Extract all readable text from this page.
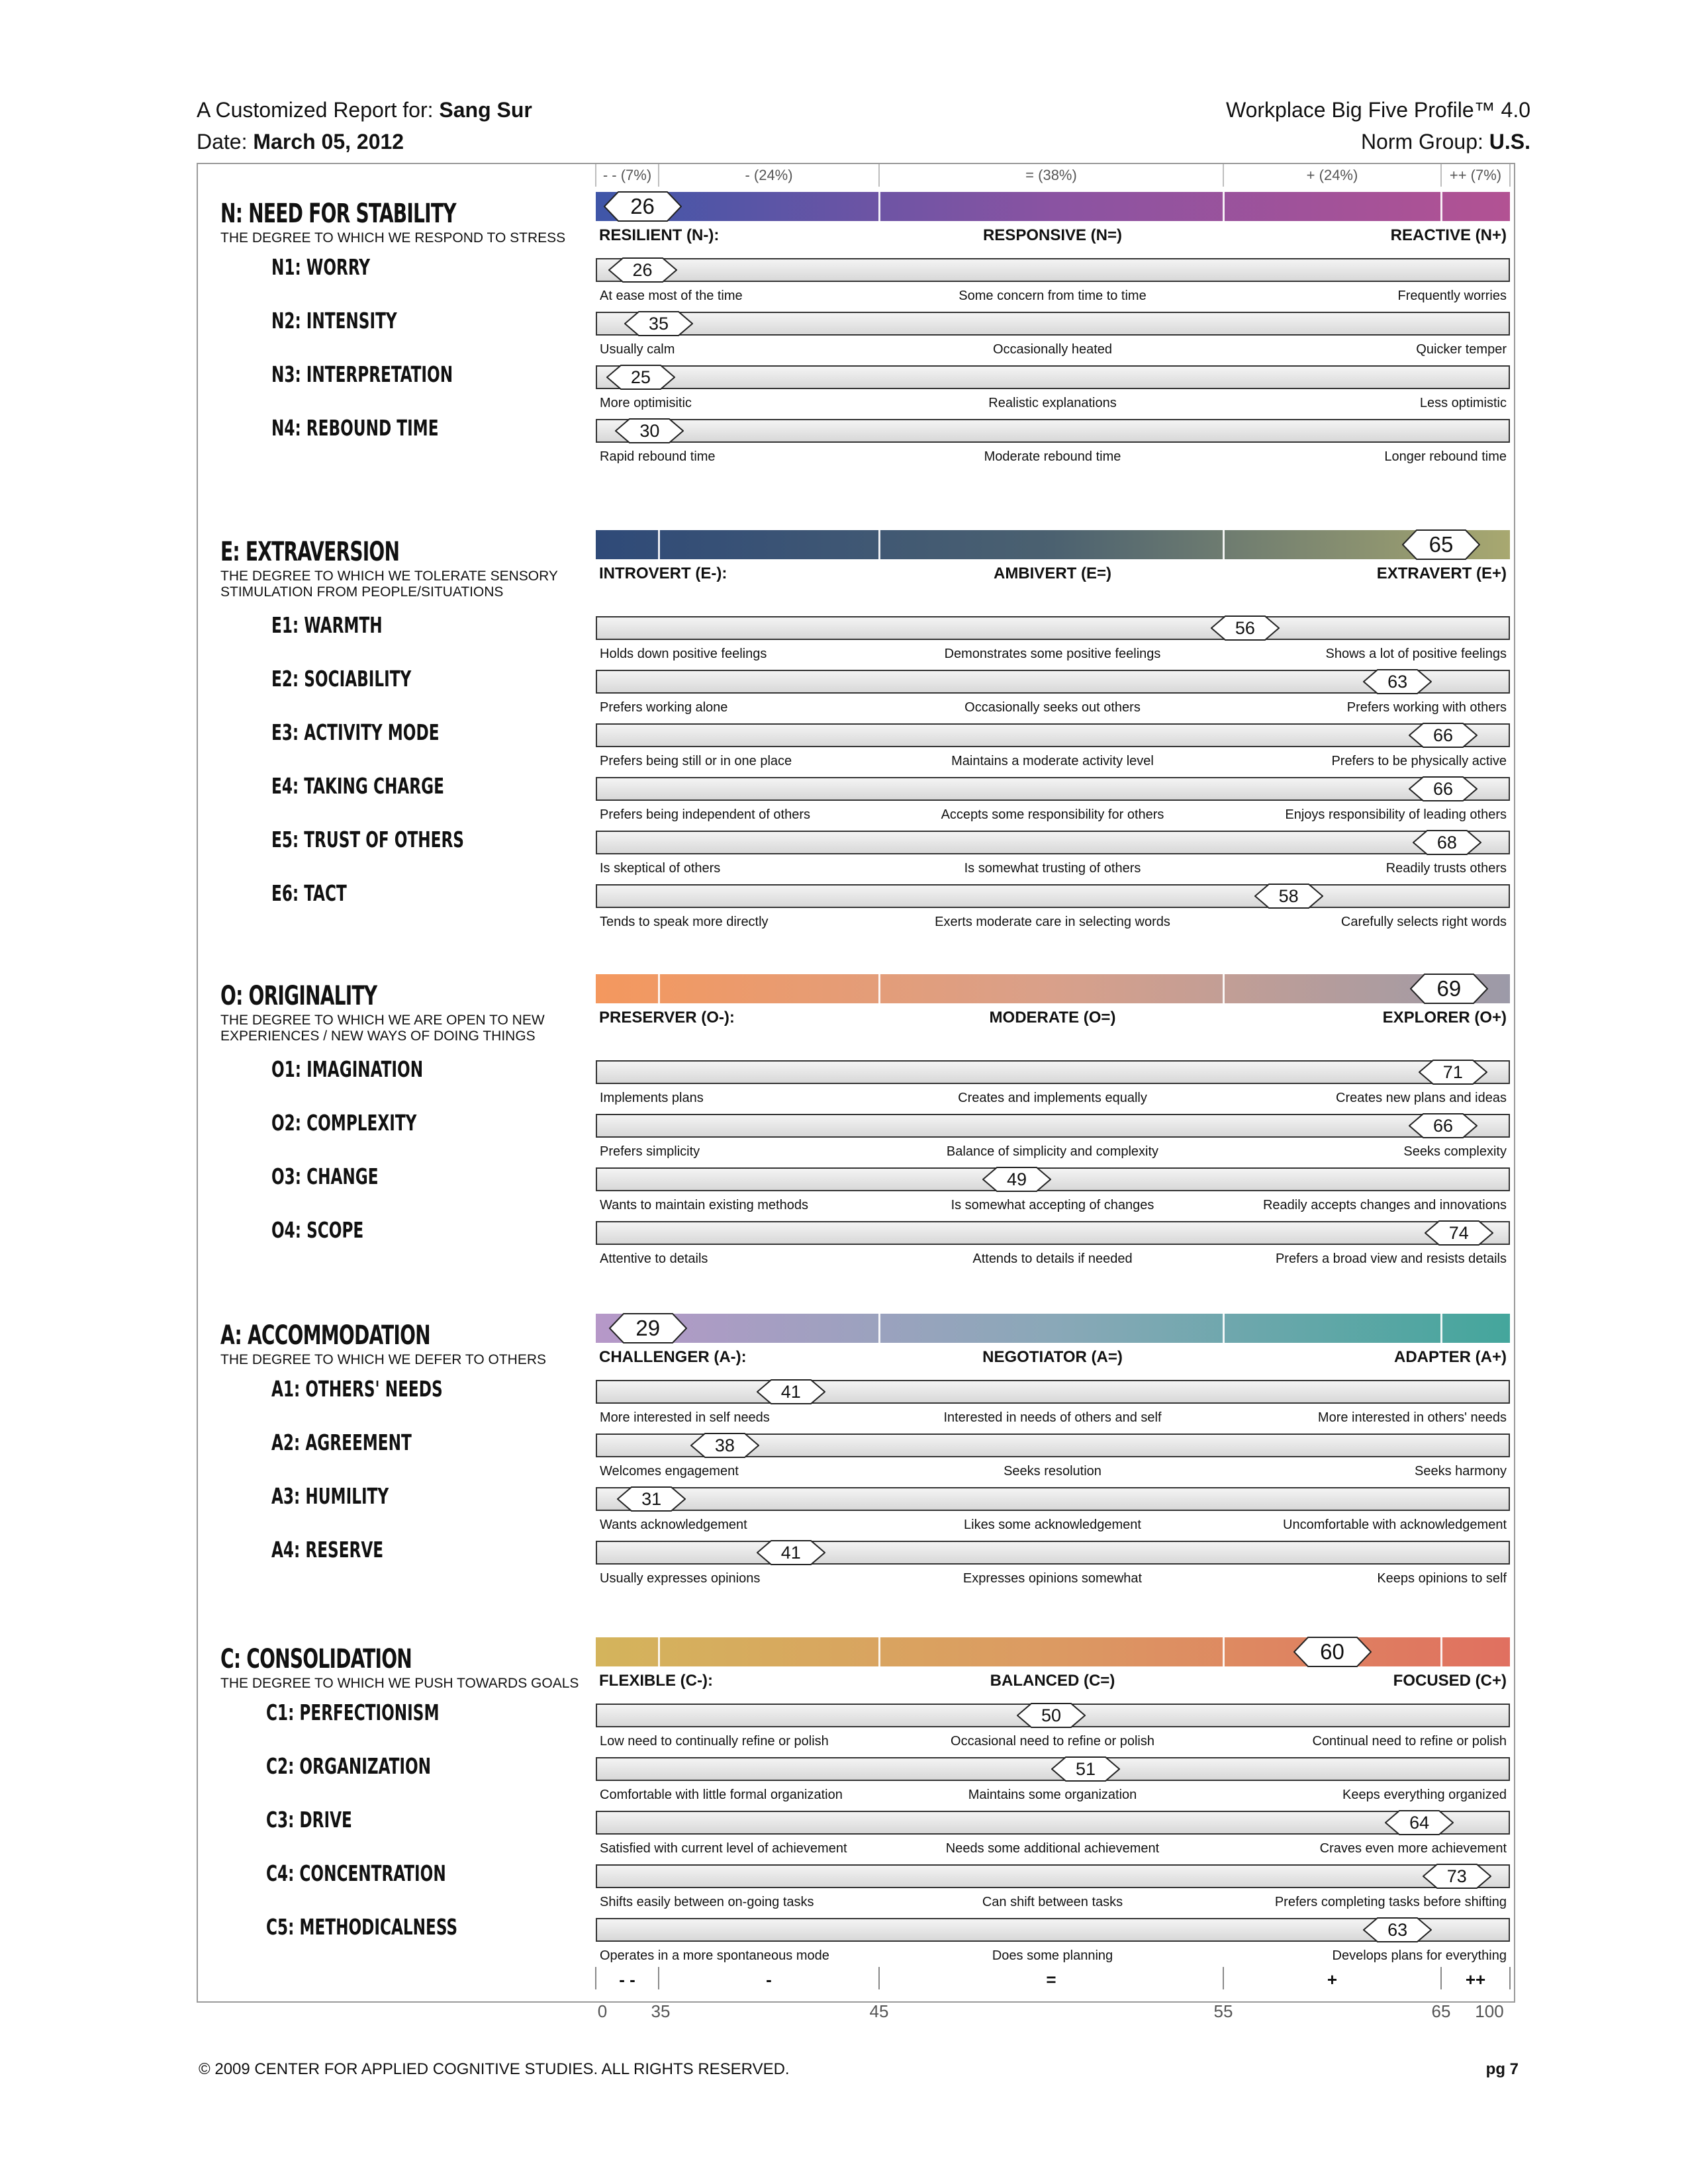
A Customized Report for: Sang Sur
Date: March 05, 2012
Workplace Big Five Profile™ 4.0
Norm Group: U.S.
- - (7%)	- (24%)	= (38%)	+ (24%)	++ (7%)
N: NEED FOR STABILITY
THE DEGREE TO WHICH WE RESPOND TO STRESS
26
RESILIENT (N-):	RESPONSIVE (N=)	REACTIVE (N+)
N1: WORRY	26
At ease most of the time	Some concern from time to time	Frequently worries
N2: INTENSITY	35
Usually calm	Occasionally heated	Quicker temper
N3: INTERPRETATION	25
More optimisitic	Realistic explanations	Less optimistic
N4: REBOUND TIME	30
Rapid rebound time	Moderate rebound time	Longer rebound time
E: EXTRAVERSION
THE DEGREE TO WHICH WE TOLERATE SENSORY STIMULATION FROM PEOPLE/SITUATIONS
65
INTROVERT (E-):	AMBIVERT (E=)	EXTRAVERT (E+)
E1: WARMTH	56
Holds down positive feelings	Demonstrates some positive feelings	Shows a lot of positive feelings
E2: SOCIABILITY	63
Prefers working alone	Occasionally seeks out others	Prefers working with others
E3: ACTIVITY MODE	66
Prefers being still or in one place	Maintains a moderate activity level	Prefers to be physically active
E4: TAKING CHARGE	66
Prefers being independent of others	Accepts some responsibility for others	Enjoys responsibility of leading others
E5: TRUST OF OTHERS	68
Is skeptical of others	Is somewhat trusting of others	Readily trusts others
E6: TACT	58
Tends to speak more directly	Exerts moderate care in selecting words	Carefully selects right words
O: ORIGINALITY
THE DEGREE TO WHICH WE ARE OPEN TO NEW EXPERIENCES / NEW WAYS OF DOING THINGS
69
PRESERVER (O-):	MODERATE (O=)	EXPLORER (O+)
O1: IMAGINATION	71
Implements plans	Creates and implements equally	Creates new plans and ideas
O2: COMPLEXITY	66
Prefers simplicity	Balance of simplicity and complexity	Seeks complexity
O3: CHANGE	49
Wants to maintain existing methods	Is somewhat accepting of changes	Readily accepts changes and innovations
O4: SCOPE	74
Attentive to details	Attends to details if needed	Prefers a broad view and resists details
A: ACCOMMODATION
THE DEGREE TO WHICH WE DEFER TO OTHERS
29
CHALLENGER (A-):	NEGOTIATOR (A=)	ADAPTER (A+)
A1: OTHERS' NEEDS	41
More interested in self needs	Interested in needs of others and self	More interested in others' needs
A2: AGREEMENT	38
Welcomes engagement	Seeks resolution	Seeks harmony
A3: HUMILITY	31
Wants acknowledgement	Likes some acknowledgement	Uncomfortable with acknowledgement
A4: RESERVE	41
Usually expresses opinions	Expresses opinions somewhat	Keeps opinions to self
C: CONSOLIDATION
THE DEGREE TO WHICH WE PUSH TOWARDS GOALS
60
FLEXIBLE (C-):	BALANCED (C=)	FOCUSED (C+)
C1: PERFECTIONISM	50
Low need to continually refine or polish	Occasional need to refine or polish	Continual need to refine or polish
C2: ORGANIZATION	51
Comfortable with little formal organization	Maintains some organization	Keeps everything organized
C3: DRIVE	64
Satisfied with current level of achievement	Needs some additional achievement	Craves even more achievement
C4: CONCENTRATION	73
Shifts easily between on-going tasks	Can shift between tasks	Prefers completing tasks before shifting
C5: METHODICALNESS	63
Operates in a more spontaneous mode	Does some planning	Develops plans for everything
- -	-	=	+	++
0	35	45	55	65	100
© 2009 CENTER FOR APPLIED COGNITIVE STUDIES. ALL RIGHTS RESERVED.	pg 7
